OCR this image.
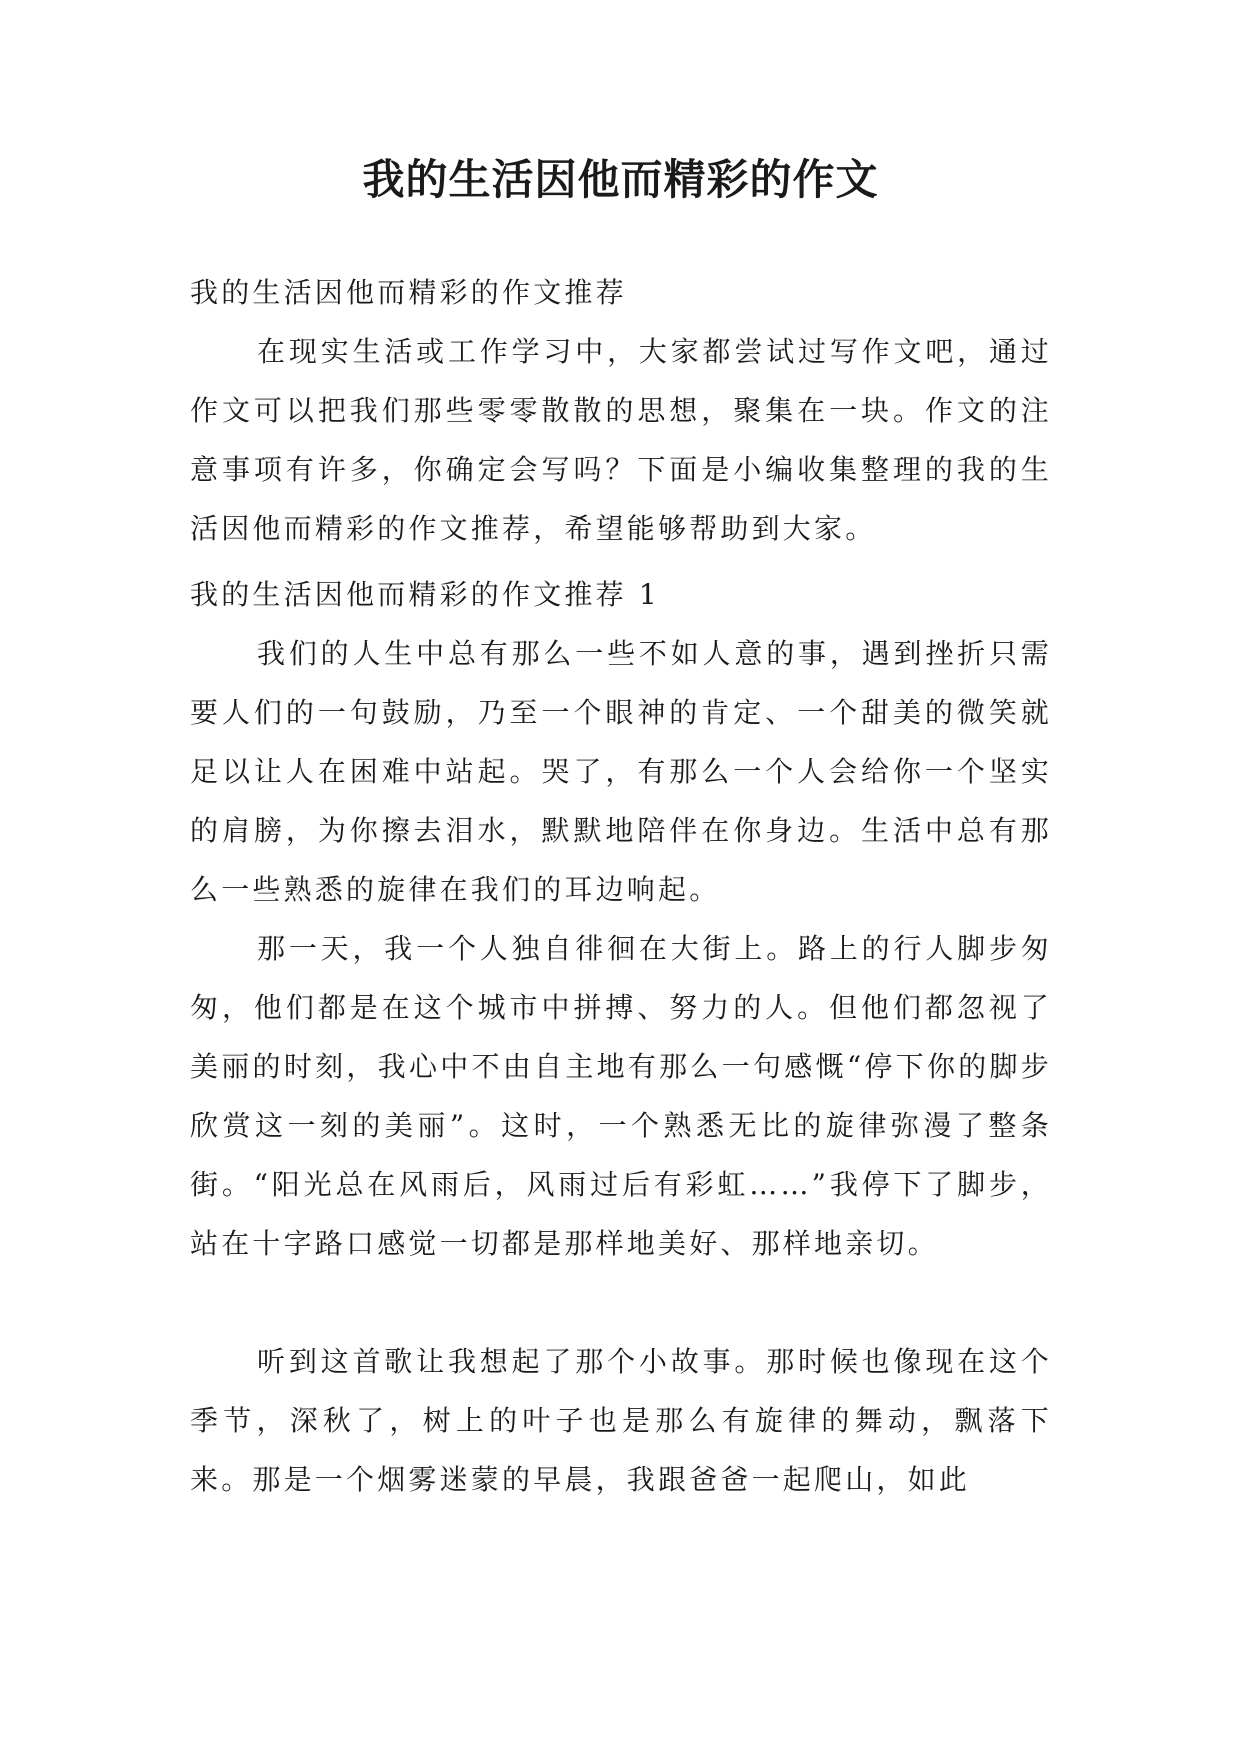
我的生活因他而精彩的作文

我的生活因他而精彩的作文推荐

在现实生活或工作学习中，大家都尝试过写作文吧，通过作文可以把我们那些零零散散的思想，聚集在一块。作文的注意事项有许多，你确定会写吗？下面是小编收集整理的我的生活因他而精彩的作文推荐，希望能够帮助到大家。

我的生活因他而精彩的作文推荐 1

我们的人生中总有那么一些不如人意的事，遇到挫折只需要人们的一句鼓励，乃至一个眼神的肯定、一个甜美的微笑就足以让人在困难中站起。哭了，有那么一个人会给你一个坚实的肩膀，为你擦去泪水，默默地陪伴在你身边。生活中总有那么一些熟悉的旋律在我们的耳边响起。

那一天，我一个人独自徘徊在大街上。路上的行人脚步匆匆，他们都是在这个城市中拼搏、努力的人。但他们都忽视了美丽的时刻，我心中不由自主地有那么一句感慨“停下你的脚步欣赏这一刻的美丽”。这时，一个熟悉无比的旋律弥漫了整条街。“阳光总在风雨后，风雨过后有彩虹……”我停下了脚步，站在十字路口感觉一切都是那样地美好、那样地亲切。

听到这首歌让我想起了那个小故事。那时候也像现在这个季节，深秋了，树上的叶子也是那么有旋律的舞动，飘落下来。那是一个烟雾迷蒙的早晨，我跟爸爸一起爬山，如此
